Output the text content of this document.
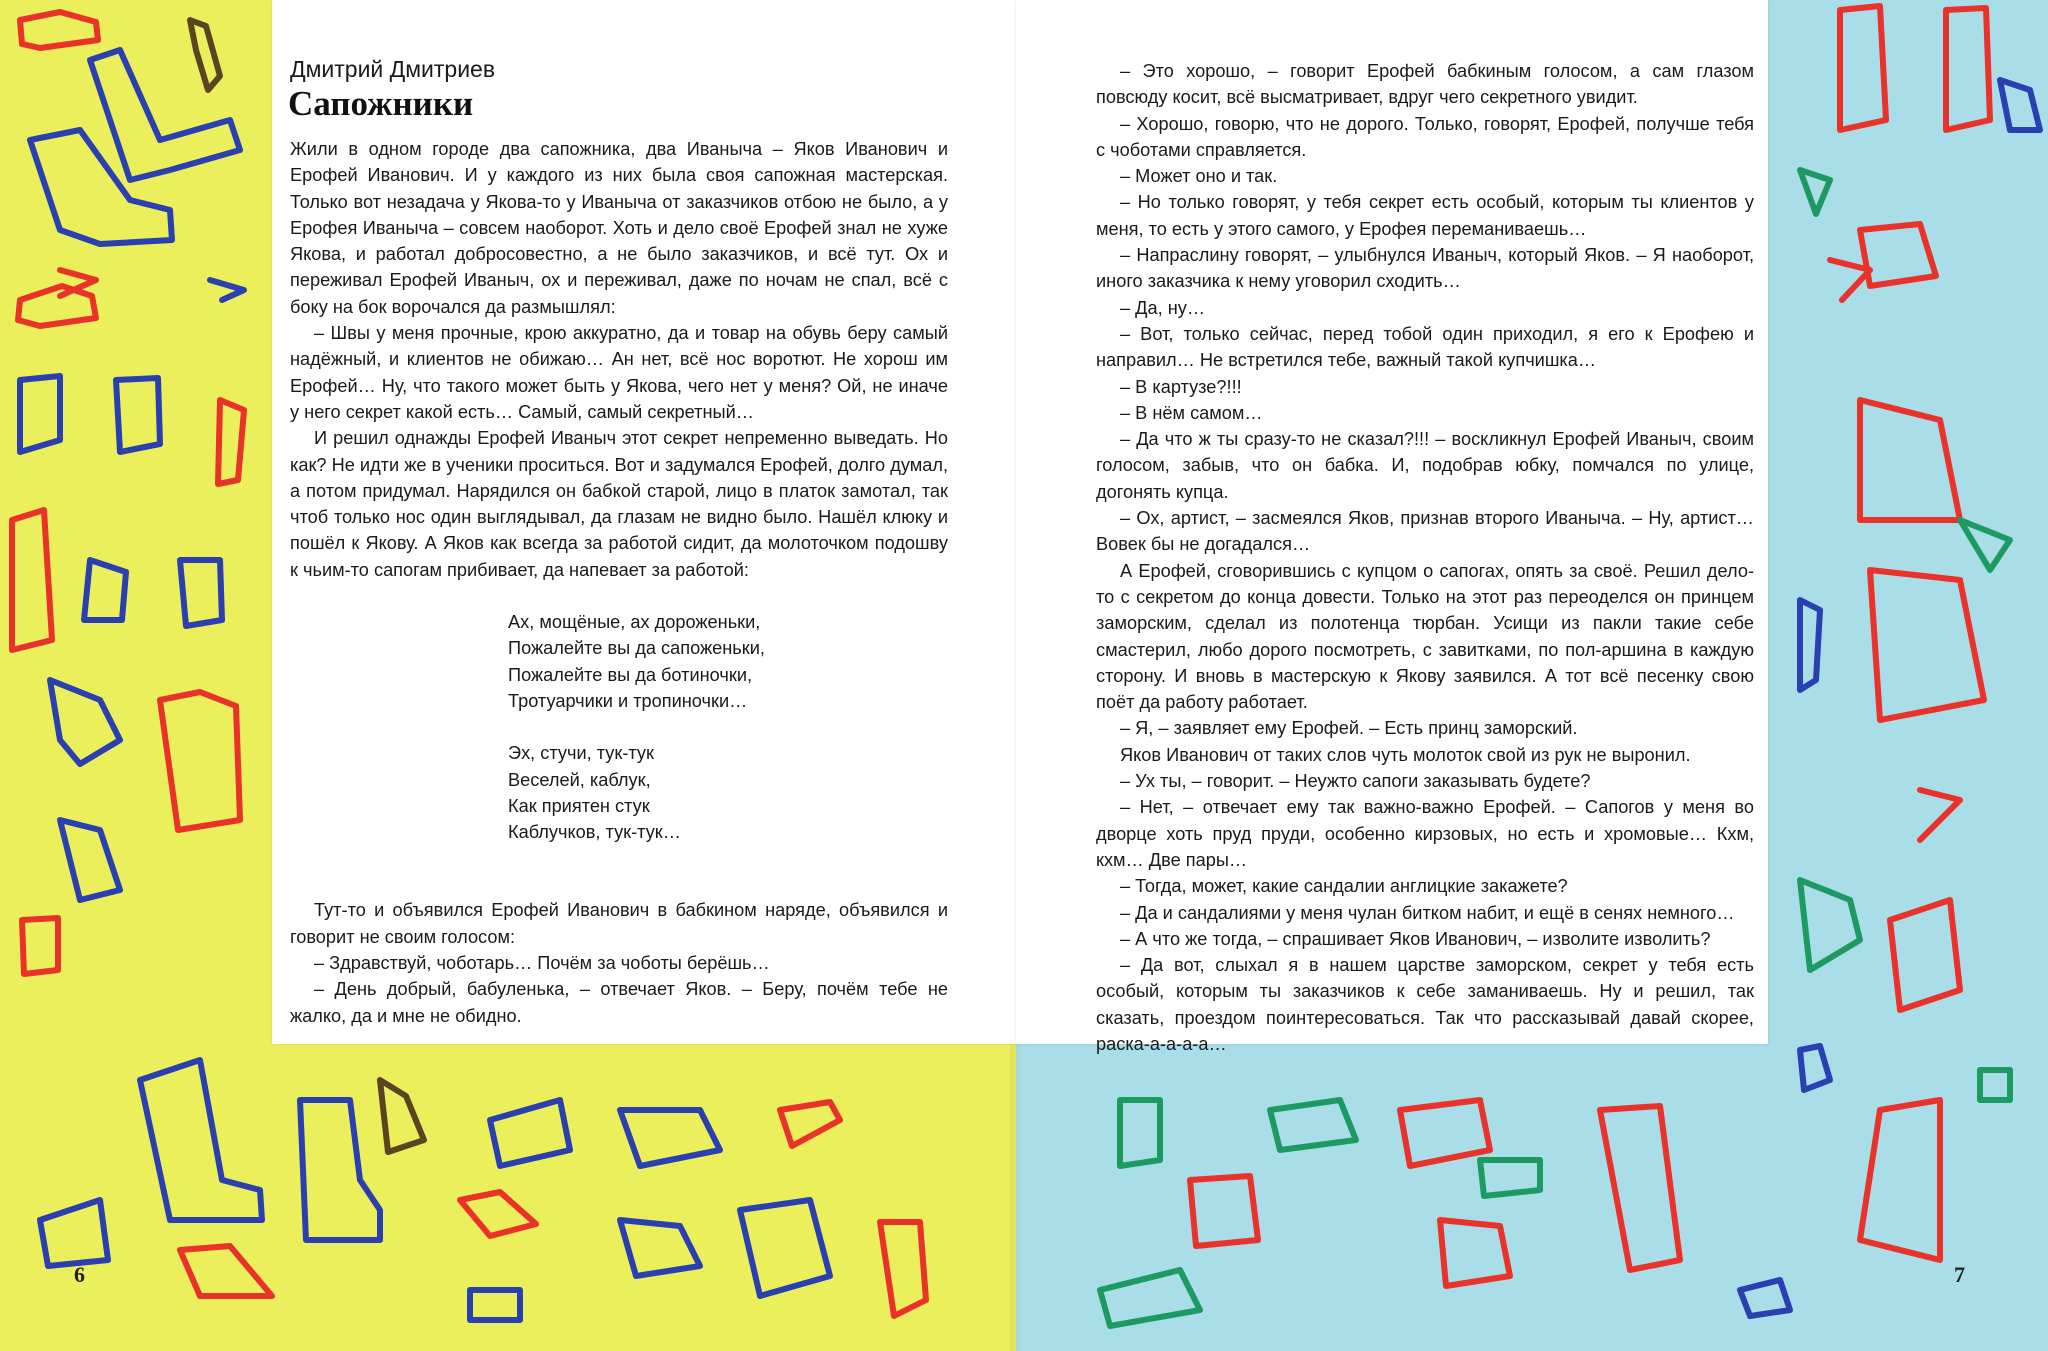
Дмитрий Дмитриев
Сапожники

Жили в одном городе два сапожника, два Иваныча – Яков Иванович и Ерофей Иванович. И у каждого из них была своя сапожная мастерская. Только вот незадача у Якова-то у Иваныча от заказчиков отбою не было, а у Ерофея Иваныча – совсем наоборот. Хоть и дело своё Ерофей знал не хуже Якова, и работал добросовестно, а не было заказчиков, и всё тут. Ох и переживал Ерофей Иваныч, ох и переживал, даже по ночам не спал, всё с боку на бок ворочался да размышлял:

– Швы у меня прочные, крою аккуратно, да и товар на обувь беру самый надёжный, и клиентов не обижаю… Ан нет, всё нос воротют. Не хорош им Ерофей… Ну, что такого может быть у Якова, чего нет у меня? Ой, не иначе у него секрет какой есть… Самый, самый секретный…

И решил однажды Ерофей Иваныч этот секрет непременно выведать. Но как? Не идти же в ученики проситься. Вот и задумался Ерофей, долго думал, а потом придумал. Нарядился он бабкой старой, лицо в платок замотал, так чтоб только нос один выглядывал, да глазам не видно было. Нашёл клюку и пошёл к Якову. А Яков как всегда за работой сидит, да молоточком подошву к чьим-то сапогам прибивает, да напевает за работой:

Ах, мощёные, ах дороженьки,
Пожалейте вы да сапоженьки,
Пожалейте вы да ботиночки,
Тротуарчики и тропиночки…
Эх, стучи, тук-тук
Веселей, каблук,
Как приятен стук
Каблучков, тук-тук…

Тут-то и объявился Ерофей Иванович в бабкином наряде, объявился и говорит не своим голосом:

– Здравствуй, чоботарь… Почём за чоботы берёшь…

– День добрый, бабуленька, – отвечает Яков. – Беру, почём тебе не жалко, да и мне не обидно.

– Это хорошо, – говорит Ерофей бабкиным голосом, а сам глазом повсюду косит, всё высматривает, вдруг чего секретного увидит.

– Хорошо, говорю, что не дорого. Только, говорят, Ерофей, получше тебя с чоботами справляется.

– Может оно и так.

– Но только говорят, у тебя секрет есть особый, которым ты клиентов у меня, то есть у этого самого, у Ерофея переманиваешь…

– Напраслину говорят, – улыбнулся Иваныч, который Яков. – Я наоборот, иного заказчика к нему уговорил сходить…

– Да, ну…

– Вот, только сейчас, перед тобой один приходил, я его к Ерофею и направил… Не встретился тебе, важный такой купчишка…

– В картузе?!!!

– В нём самом…

– Да что ж ты сразу-то не сказал?!!! – воскликнул Ерофей Иваныч, своим голосом, забыв, что он бабка. И, подобрав юбку, помчался по улице, догонять купца.

– Ох, артист, – засмеялся Яков, признав второго Иваныча. – Ну, артист… Вовек бы не догадался…

А Ерофей, сговорившись с купцом о сапогах, опять за своё. Решил дело-то с секретом до конца довести. Только на этот раз переоделся он принцем заморским, сделал из полотенца тюрбан. Усищи из пакли такие себе смастерил, любо дорого посмотреть, с завитками, по пол-аршина в каждую сторону. И вновь в мастерскую к Якову заявился. А тот всё песенку свою поёт да работу работает.

– Я, – заявляет ему Ерофей. – Есть принц заморский.

Яков Иванович от таких слов чуть молоток свой из рук не выронил.

– Ух ты, – говорит. – Неужто сапоги заказывать будете?

– Нет, – отвечает ему так важно-важно Ерофей. – Сапогов у меня во дворце хоть пруд пруди, особенно кирзовых, но есть и хромовые… Кхм, кхм… Две пары…

– Тогда, может, какие сандалии англицкие закажете?

– Да и сандалиями у меня чулан битком набит, и ещё в сенях немного…

– А что же тогда, – спрашивает Яков Иванович, – изволите изволить?

– Да вот, слыхал я в нашем царстве заморском, секрет у тебя есть особый, которым ты заказчиков к себе заманиваешь. Ну и решил, так сказать, проездом поинтересоваться. Так что рассказывай давай скорее, раска-а-а-а-а…

6	7
